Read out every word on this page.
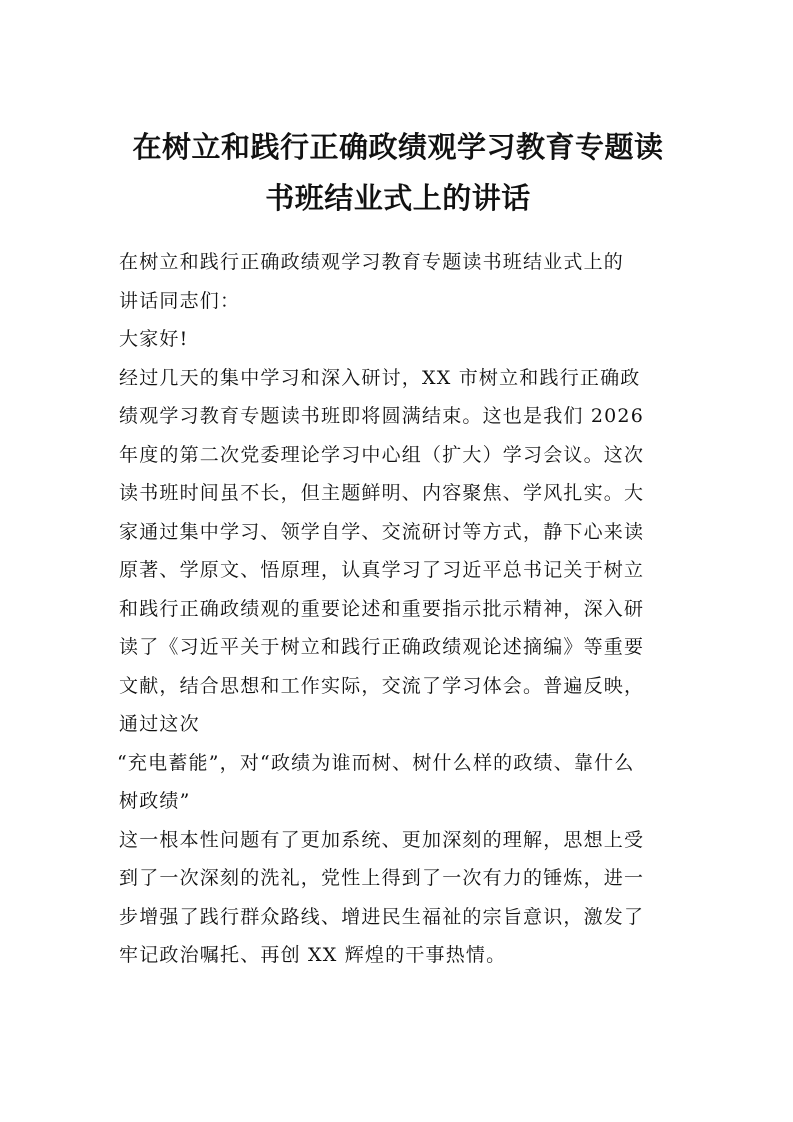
在树立和践行正确政绩观学习教育专题读
书班结业式上的讲话
在树立和践行正确政绩观学习教育专题读书班结业式上的
讲话同志们：
大家好!
经过几天的集中学习和深入研讨，XX 市树立和践行正确政
绩观学习教育专题读书班即将圆满结束。这也是我们 2026
年度的第二次党委理论学习中心组（扩大）学习会议。这次
读书班时间虽不长，但主题鲜明、内容聚焦、学风扎实。大
家通过集中学习、领学自学、交流研讨等方式，静下心来读
原著、学原文、悟原理，认真学习了习近平总书记关于树立
和践行正确政绩观的重要论述和重要指示批示精神，深入研
读了《习近平关于树立和践行正确政绩观论述摘编》等重要
文献，结合思想和工作实际，交流了学习体会。普遍反映，
通过这次
“充电蓄能”，对“政绩为谁而树、树什么样的政绩、靠什么
树政绩”
这一根本性问题有了更加系统、更加深刻的理解，思想上受
到了一次深刻的洗礼，党性上得到了一次有力的锤炼，进一
步增强了践行群众路线、增进民生福祉的宗旨意识，激发了
牢记政治嘱托、再创 XX 辉煌的干事热情。
